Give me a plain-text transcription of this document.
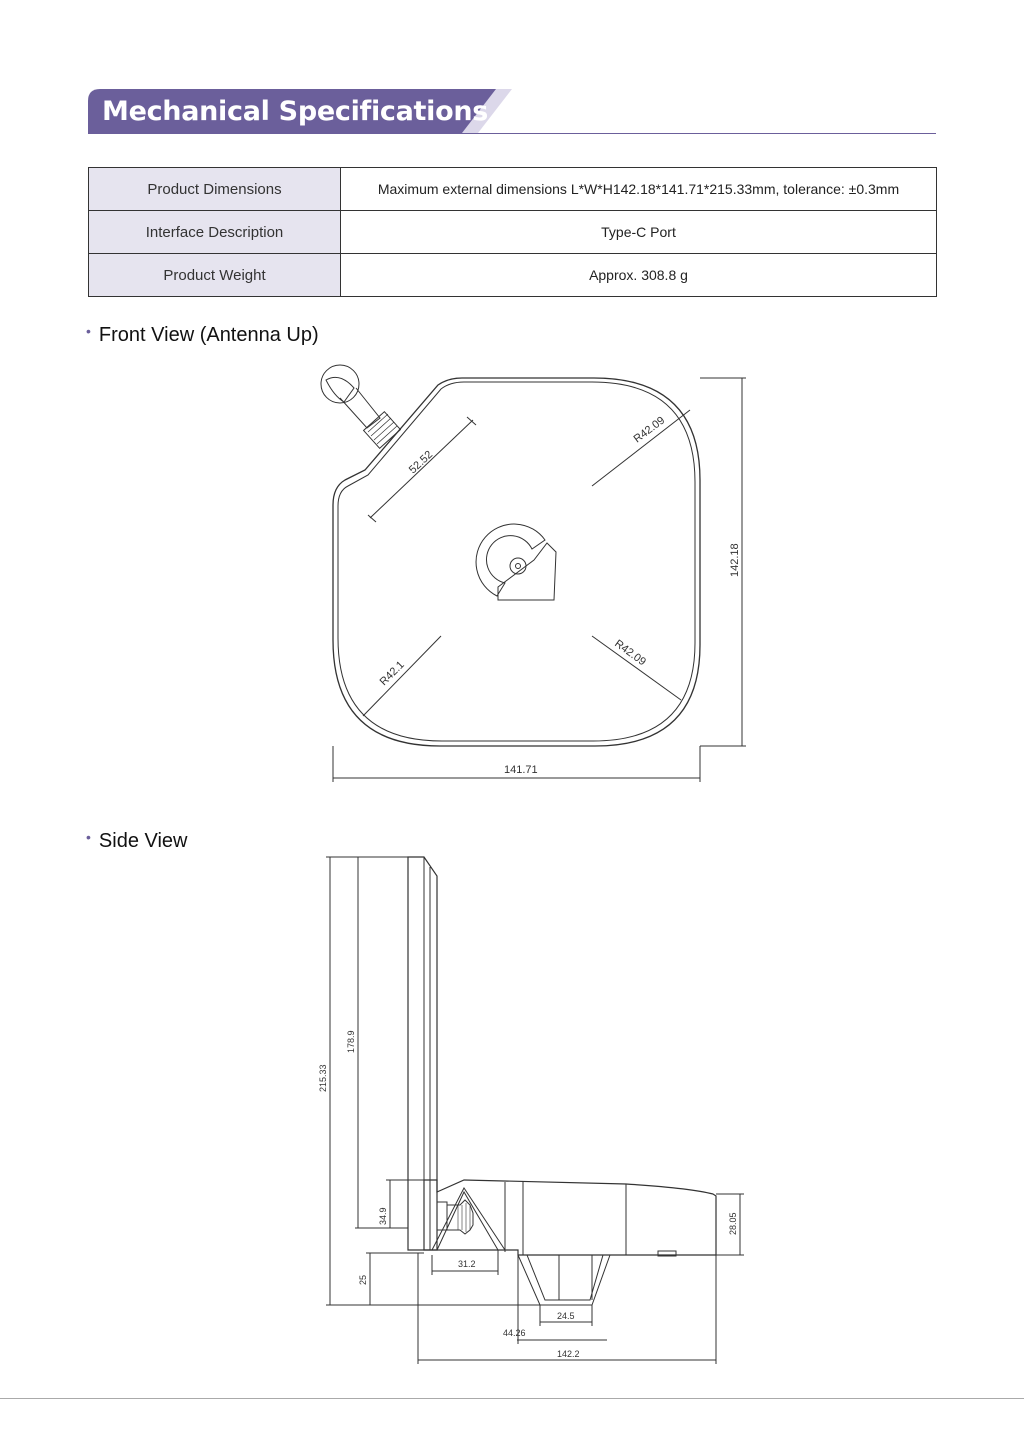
Mechanical Specifications
Product Dimensions	Maximum external dimensions L*W*H142.18*141.71*215.33mm, tolerance: ±0.3mm
Interface Description	Type-C Port
Product Weight	Approx. 308.8 g
• Front View (Antenna Up)
• Side View
52.52
R42.09
R42.09
R42.1
142.18
141.71
215.33
178.9
34.9
25
28.05
31.2
24.5
44.26
142.2
